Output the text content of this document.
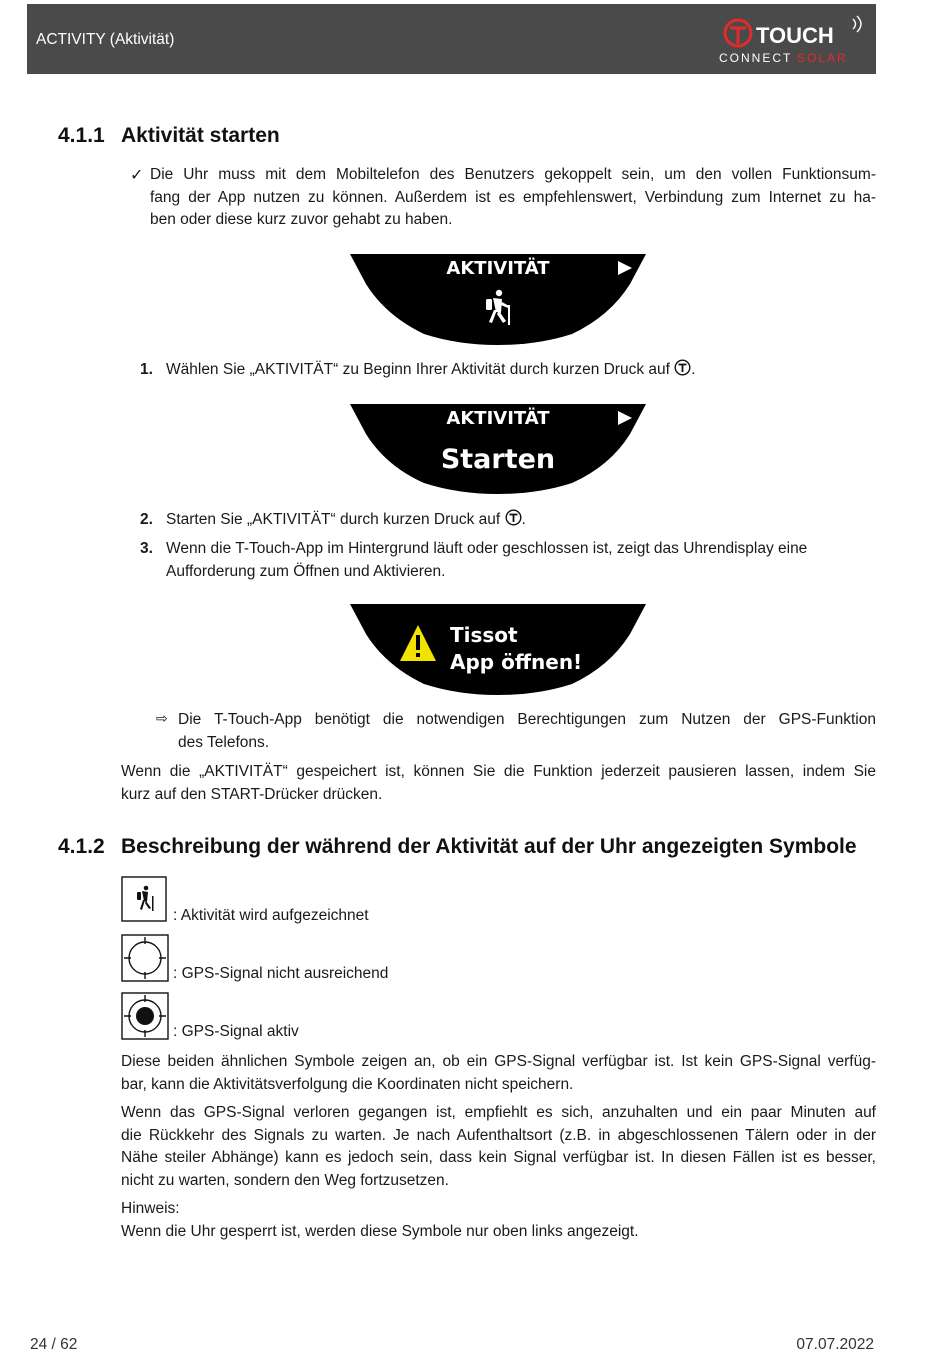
ACTIVITY (Aktivität)	TOUCH
CONNECT SOLAR
4.1.1 Aktivität starten
✓ Die Uhr muss mit dem Mobiltelefon des Benutzers gekoppelt sein, um den vollen Funktionsum-
fang der App nutzen zu können. Außerdem ist es empfehlenswert, Verbindung zum Internet zu ha-
ben oder diese kurz zuvor gehabt zu haben.
AKTIVITÄT
1. Wählen Sie „AKTIVITÄT“ zu Beginn Ihrer Aktivität durch kurzen Druck auf .
AKTIVITÄT
Starten
2. Starten Sie „AKTIVITÄT“ durch kurzen Druck auf .
3. Wenn die T-Touch-App im Hintergrund läuft oder geschlossen ist, zeigt das Uhrendisplay eine
Aufforderung zum Öffnen und Aktivieren.
Tissot
App öffnen!
⇨ Die T-Touch-App benötigt die notwendigen Berechtigungen zum Nutzen der GPS-Funktion
des Telefons.
Wenn die „AKTIVITÄT“ gespeichert ist, können Sie die Funktion jederzeit pausieren lassen, indem Sie
kurz auf den START-Drücker drücken.
4.1.2 Beschreibung der während der Aktivität auf der Uhr angezeigten Symbole
: Aktivität wird aufgezeichnet
: GPS-Signal nicht ausreichend
: GPS-Signal aktiv
Diese beiden ähnlichen Symbole zeigen an, ob ein GPS-Signal verfügbar ist. Ist kein GPS-Signal verfüg-
bar, kann die Aktivitätsverfolgung die Koordinaten nicht speichern.
Wenn das GPS-Signal verloren gegangen ist, empfiehlt es sich, anzuhalten und ein paar Minuten auf
die Rückkehr des Signals zu warten. Je nach Aufenthaltsort (z.B. in abgeschlossenen Tälern oder in der
Nähe steiler Abhänge) kann es jedoch sein, dass kein Signal verfügbar ist. In diesen Fällen ist es besser,
nicht zu warten, sondern den Weg fortzusetzen.
Hinweis:
Wenn die Uhr gesperrt ist, werden diese Symbole nur oben links angezeigt.
24 / 62	07.07.2022
